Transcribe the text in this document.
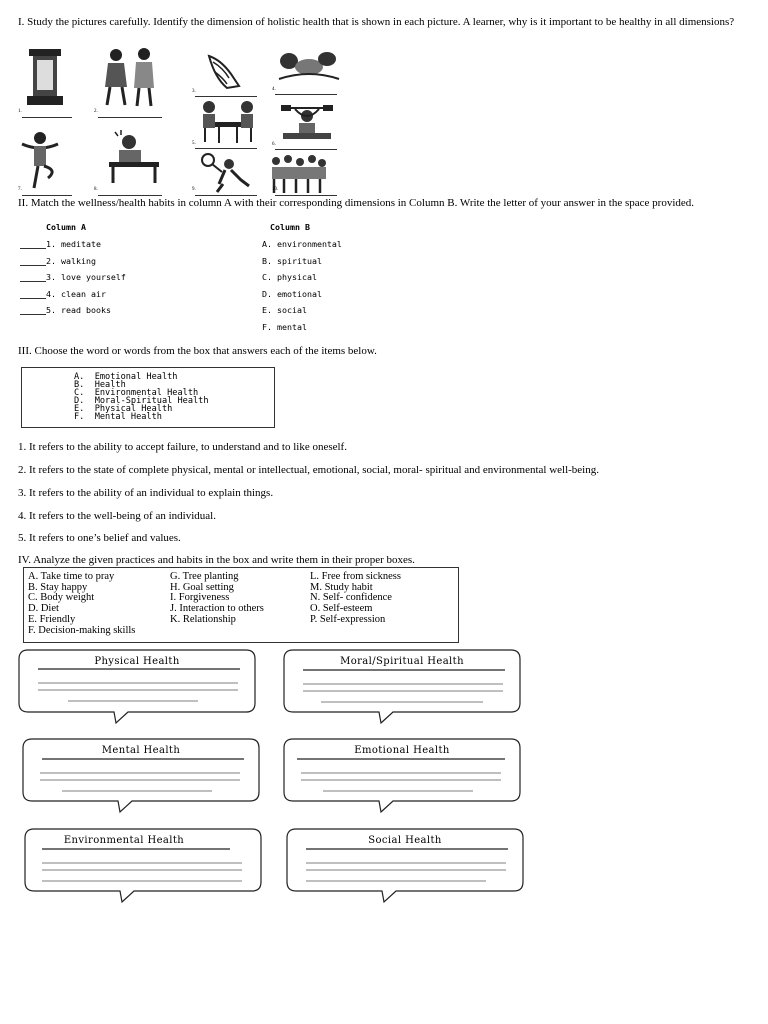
I. Study the pictures carefully. Identify the dimension of holistic health that is shown in each picture. A learner, why is it important to be healthy in all dimensions?
1.	2.
3.	4.
5.	6.
7.	8.	9.	10.
II. Match the wellness/health habits in column A with their corresponding dimensions in Column B. Write the letter of your answer in the space provided.
Column A	Column B
1. meditate
2. walking
3. love yourself
4. clean air
5. read books
A. environmental
B. spiritual
C. physical
D. emotional
E. social
F. mental
III. Choose the word or words from the box that answers each of the items below.
A.  Emotional Health
B.  Health
C.  Environmental Health
D.  Moral-Spiritual Health
E.  Physical Health
F.  Mental Health
1. It refers to the ability to accept failure, to understand and to like oneself.
2. It refers to the state of complete physical, mental or intellectual, emotional, social, moral- spiritual and environmental well-being.
3. It refers to the ability of an individual to explain things.
4. It refers to the well-being of an individual.
5. It refers to one’s belief and values.
IV. Analyze the given practices and habits in the box and write them in their proper boxes.
A. Take time to pray
B. Stay happy
C. Body weight
D. Diet
E. Friendly
F. Decision-making skills
G. Tree planting
H. Goal setting
I. Forgiveness
J. Interaction to others
K. Relationship
L. Free from sickness
M. Study habit
N. Self- confidence
O. Self-esteem
P. Self-expression
Physical Health	Moral/Spiritual Health
Mental Health	Emotional Health
Environmental Health	Social Health
